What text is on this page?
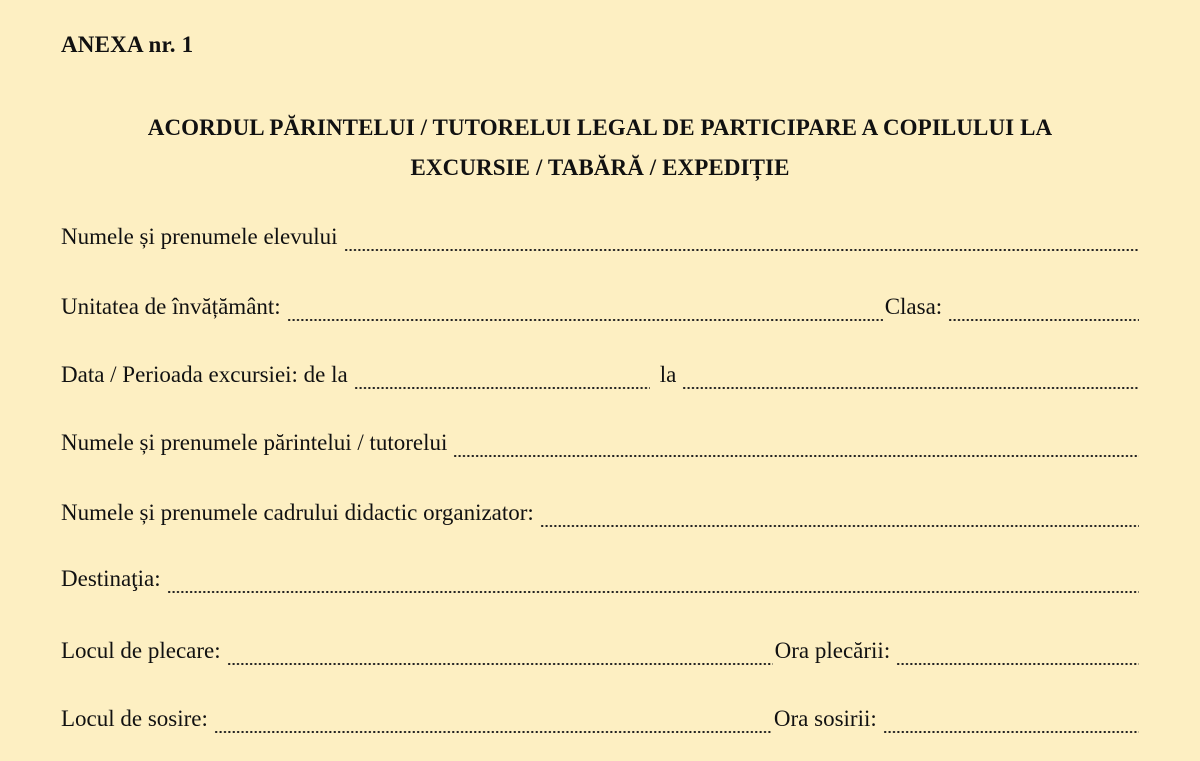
ANEXA nr. 1
ACORDUL PĂRINTELUI / TUTORELUI LEGAL DE PARTICIPARE A COPILULUI LA
EXCURSIE / TABĂRĂ / EXPEDIȚIE
Numele și prenumele elevului
Unitatea de învățământ:	Clasa:
Data / Perioada excursiei: de la	la
Numele și prenumele părintelui / tutorelui
Numele și prenumele cadrului didactic organizator:
Destinaţia:
Locul de plecare:	Ora plecării:
Locul de sosire:	Ora sosirii:
